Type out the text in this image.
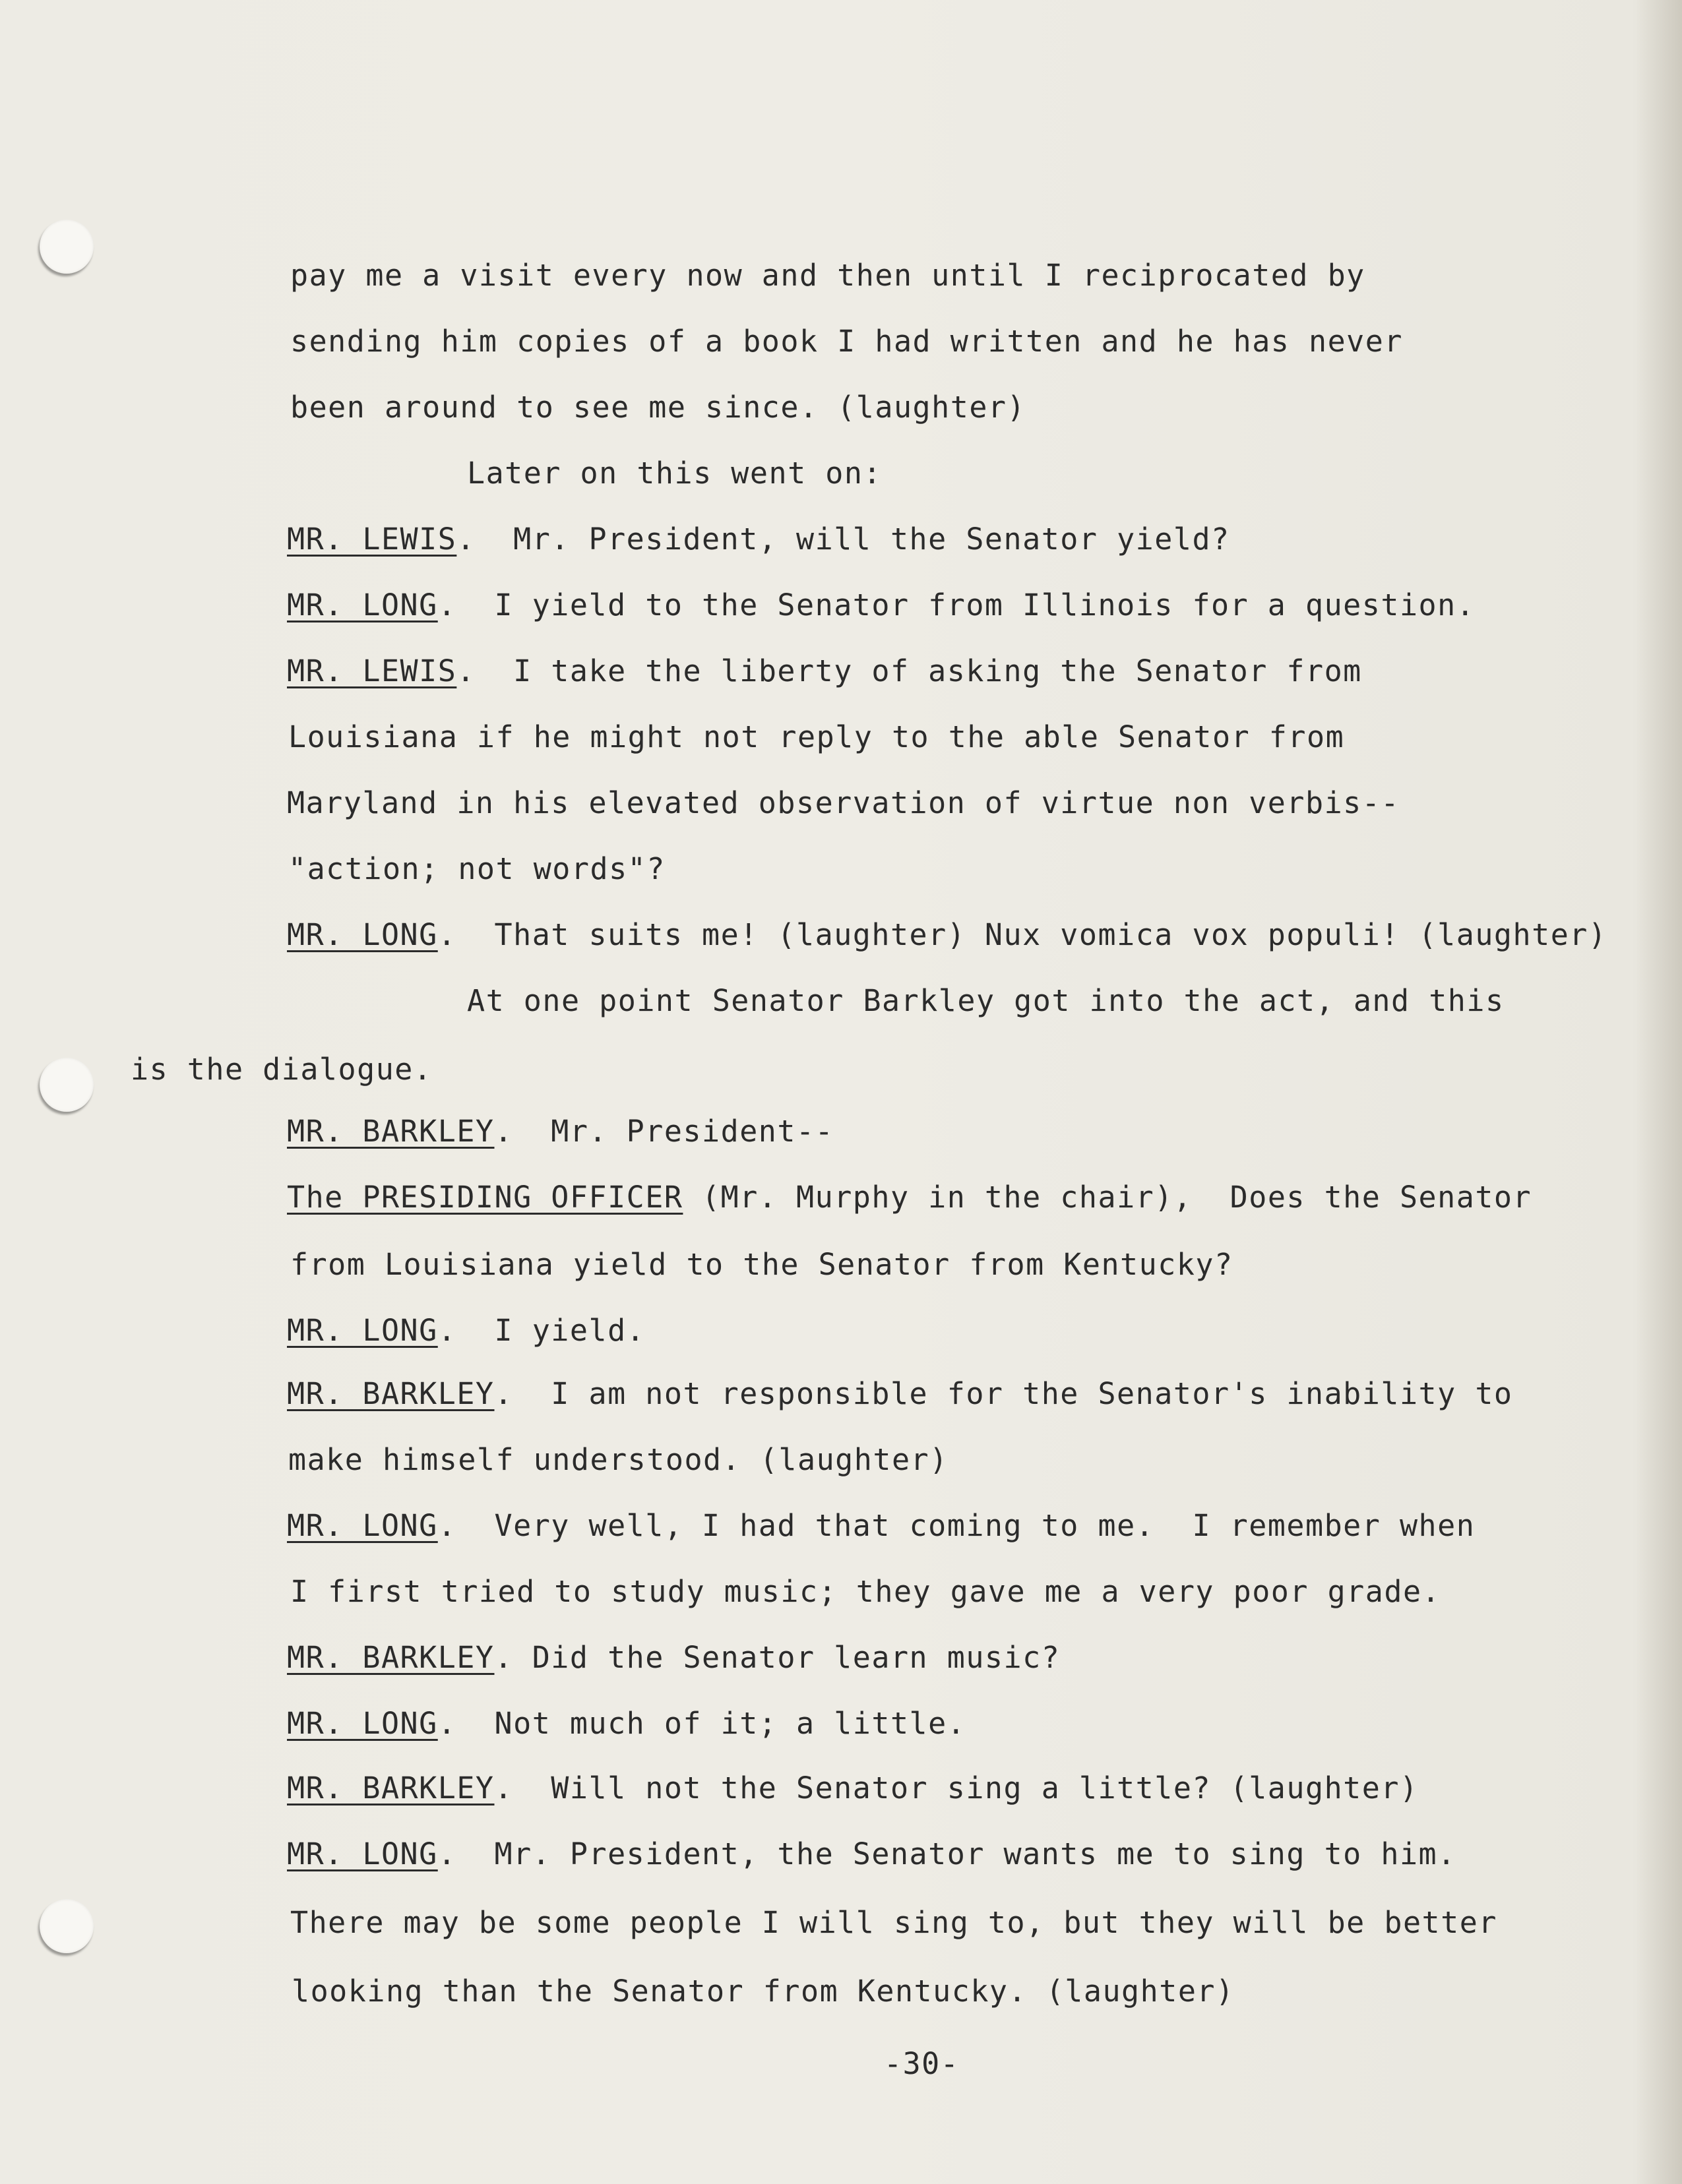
pay me a visit every now and then until I reciprocated by

sending him copies of a book I had written and he has never

been around to see me since. (laughter)

Later on this went on:

MR. LEWIS.  Mr. President, will the Senator yield?

MR. LONG.  I yield to the Senator from Illinois for a question.

MR. LEWIS.  I take the liberty of asking the Senator from

Louisiana if he might not reply to the able Senator from

Maryland in his elevated observation of virtue non verbis--

"action; not words"?

MR. LONG.  That suits me! (laughter) Nux vomica vox populi! (laughter)

At one point Senator Barkley got into the act, and this

is the dialogue.

MR. BARKLEY.  Mr. President--

The PRESIDING OFFICER (Mr. Murphy in the chair),  Does the Senator

from Louisiana yield to the Senator from Kentucky?

MR. LONG.  I yield.

MR. BARKLEY.  I am not responsible for the Senator's inability to

make himself understood. (laughter)

MR. LONG.  Very well, I had that coming to me.  I remember when

I first tried to study music; they gave me a very poor grade.

MR. BARKLEY. Did the Senator learn music?

MR. LONG.  Not much of it; a little.

MR. BARKLEY.  Will not the Senator sing a little? (laughter)

MR. LONG.  Mr. President, the Senator wants me to sing to him.

There may be some people I will sing to, but they will be better

looking than the Senator from Kentucky. (laughter)

-30-
